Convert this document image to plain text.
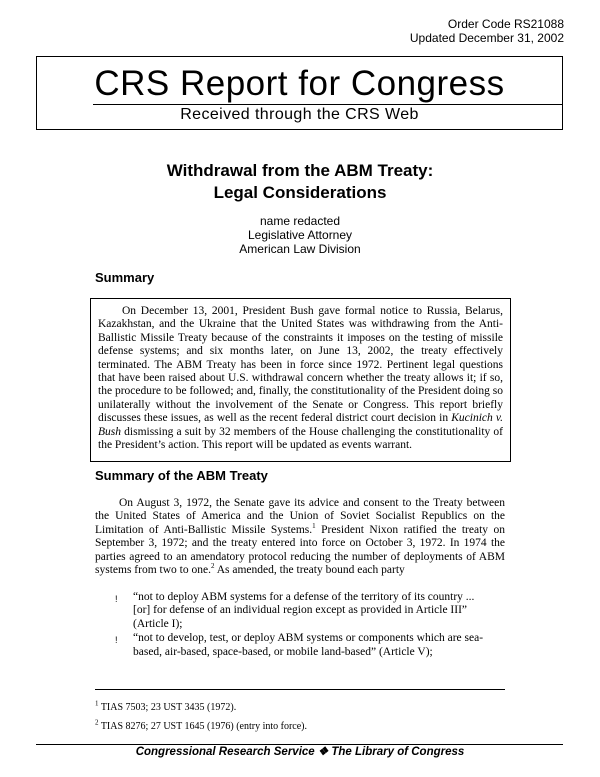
Order Code RS21088
Updated December 31, 2002
CRS Report for Congress
Received through the CRS Web
Withdrawal from the ABM Treaty:
Legal Considerations
name redacted
Legislative Attorney
American Law Division
Summary

On December 13, 2001, President Bush gave formal notice to Russia, Belarus, Kazakhstan, and the Ukraine that the United States was withdrawing from the Anti-Ballistic Missile Treaty because of the constraints it imposes on the testing of missile defense systems; and six months later, on June 13, 2002, the treaty effectively terminated. The ABM Treaty has been in force since 1972. Pertinent legal questions that have been raised about U.S. withdrawal concern whether the treaty allows it; if so, the procedure to be followed; and, finally, the constitutionality of the President doing so unilaterally without the involvement of the Senate or Congress. This report briefly discusses these issues, as well as the recent federal district court decision in Kucinich v. Bush dismissing a suit by 32 members of the House challenging the constitutionality of the President’s action. This report will be updated as events warrant.

Summary of the ABM Treaty

On August 3, 1972, the Senate gave its advice and consent to the Treaty between the United States of America and the Union of Soviet Socialist Republics on the Limitation of Anti-Ballistic Missile Systems.$^1$ President Nixon ratified the treaty on September 3, 1972; and the treaty entered into force on October 3, 1972. In 1974 the parties agreed to an amendatory protocol reducing the number of deployments of ABM systems from two to one.$^2$ As amended, the treaty bound each party

!	“not to deploy ABM systems for a defense of the territory of its country ... [or] for defense of an individual region except as provided in Article III” (Article I);
!	“not to develop, test, or deploy ABM systems or components which are sea-based, air-based, space-based, or mobile land-based” (Article V);
$^1$ TIAS 7503; 23 UST 3435 (1972).
$^2$ TIAS 8276; 27 UST 1645 (1976) (entry into force).
Congressional Research Service ❖ The Library of Congress
